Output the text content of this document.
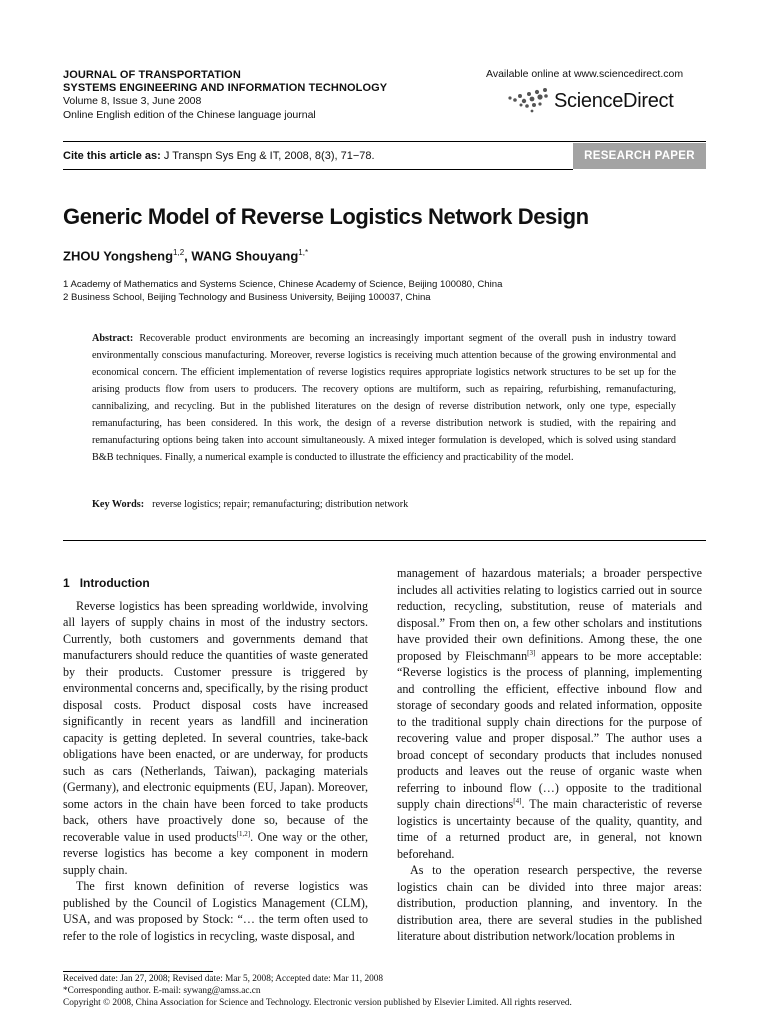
JOURNAL OF TRANSPORTATION
SYSTEMS ENGINEERING AND INFORMATION TECHNOLOGY
Volume 8, Issue 3, June 2008
Online English edition of the Chinese language journal
Available online at www.sciencedirect.com
ScienceDirect
Cite this article as: J Transpn Sys Eng & IT, 2008, 8(3), 71−78.	RESEARCH PAPER
Generic Model of Reverse Logistics Network Design
ZHOU Yongsheng$^{1,2}$, WANG Shouyang$^{1,*}$
1 Academy of Mathematics and Systems Science, Chinese Academy of Science, Beijing 100080, China
2 Business School, Beijing Technology and Business University, Beijing 100037, China
Abstract: Recoverable product environments are becoming an increasingly important segment of the overall push in industry toward environmentally conscious manufacturing. Moreover, reverse logistics is receiving much attention because of the growing environmental and economical concern. The efficient implementation of reverse logistics requires appropriate logistics network structures to be set up for the arising products flow from users to producers. The recovery options are multiform, such as repairing, refurbishing, remanufacturing, cannibalizing, and recycling. But in the published literatures on the design of reverse distribution network, only one type, especially remanufacturing, has been considered. In this work, the design of a reverse distribution network is studied, with the repairing and remanufacturing options being taken into account simultaneously. A mixed integer formulation is developed, which is solved using standard B&B techniques. Finally, a numerical example is conducted to illustrate the efficiency and practicability of the model.
Key Words: reverse logistics; repair; remanufacturing; distribution network
1 Introduction

Reverse logistics has been spreading worldwide, involving all layers of supply chains in most of the industry sectors. Currently, both customers and governments demand that manufacturers should reduce the quantities of waste generated by their products. Customer pressure is triggered by environmental concerns and, specifically, by the rising product disposal costs. Product disposal costs have increased significantly in recent years as landfill and incineration capacity is getting depleted. In several countries, take-back obligations have been enacted, or are underway, for products such as cars (Netherlands, Taiwan), packaging materials (Germany), and electronic equipments (EU, Japan). Moreover, some actors in the chain have been forced to take products back, others have proactively done so, because of the recoverable value in used products[1,2]. One way or the other, reverse logistics has become a key component in modern supply chain.

The first known definition of reverse logistics was published by the Council of Logistics Management (CLM), USA, and was proposed by Stock: “… the term often used to refer to the role of logistics in recycling, waste disposal, and

management of hazardous materials; a broader perspective includes all activities relating to logistics carried out in source reduction, recycling, substitution, reuse of materials and disposal.” From then on, a few other scholars and institutions have provided their own definitions. Among these, the one proposed by Fleischmann[3] appears to be more acceptable: “Reverse logistics is the process of planning, implementing and controlling the efficient, effective inbound flow and storage of secondary goods and related information, opposite to the traditional supply chain directions for the purpose of recovering value and proper disposal.” The author uses a broad concept of secondary products that includes nonused products and leaves out the reuse of organic waste when referring to inbound flow (…) opposite to the traditional supply chain directions[4]. The main characteristic of reverse logistics is uncertainty because of the quality, quantity, and time of a returned product are, in general, not known beforehand.

As to the operation research perspective, the reverse logistics chain can be divided into three major areas: distribution, production planning, and inventory. In the distribution area, there are several studies in the published literature about distribution network/location problems in

Received date: Jan 27, 2008; Revised date: Mar 5, 2008; Accepted date: Mar 11, 2008
*Corresponding author. E-mail: sywang@amss.ac.cn
Copyright © 2008, China Association for Science and Technology. Electronic version published by Elsevier Limited. All rights reserved.
